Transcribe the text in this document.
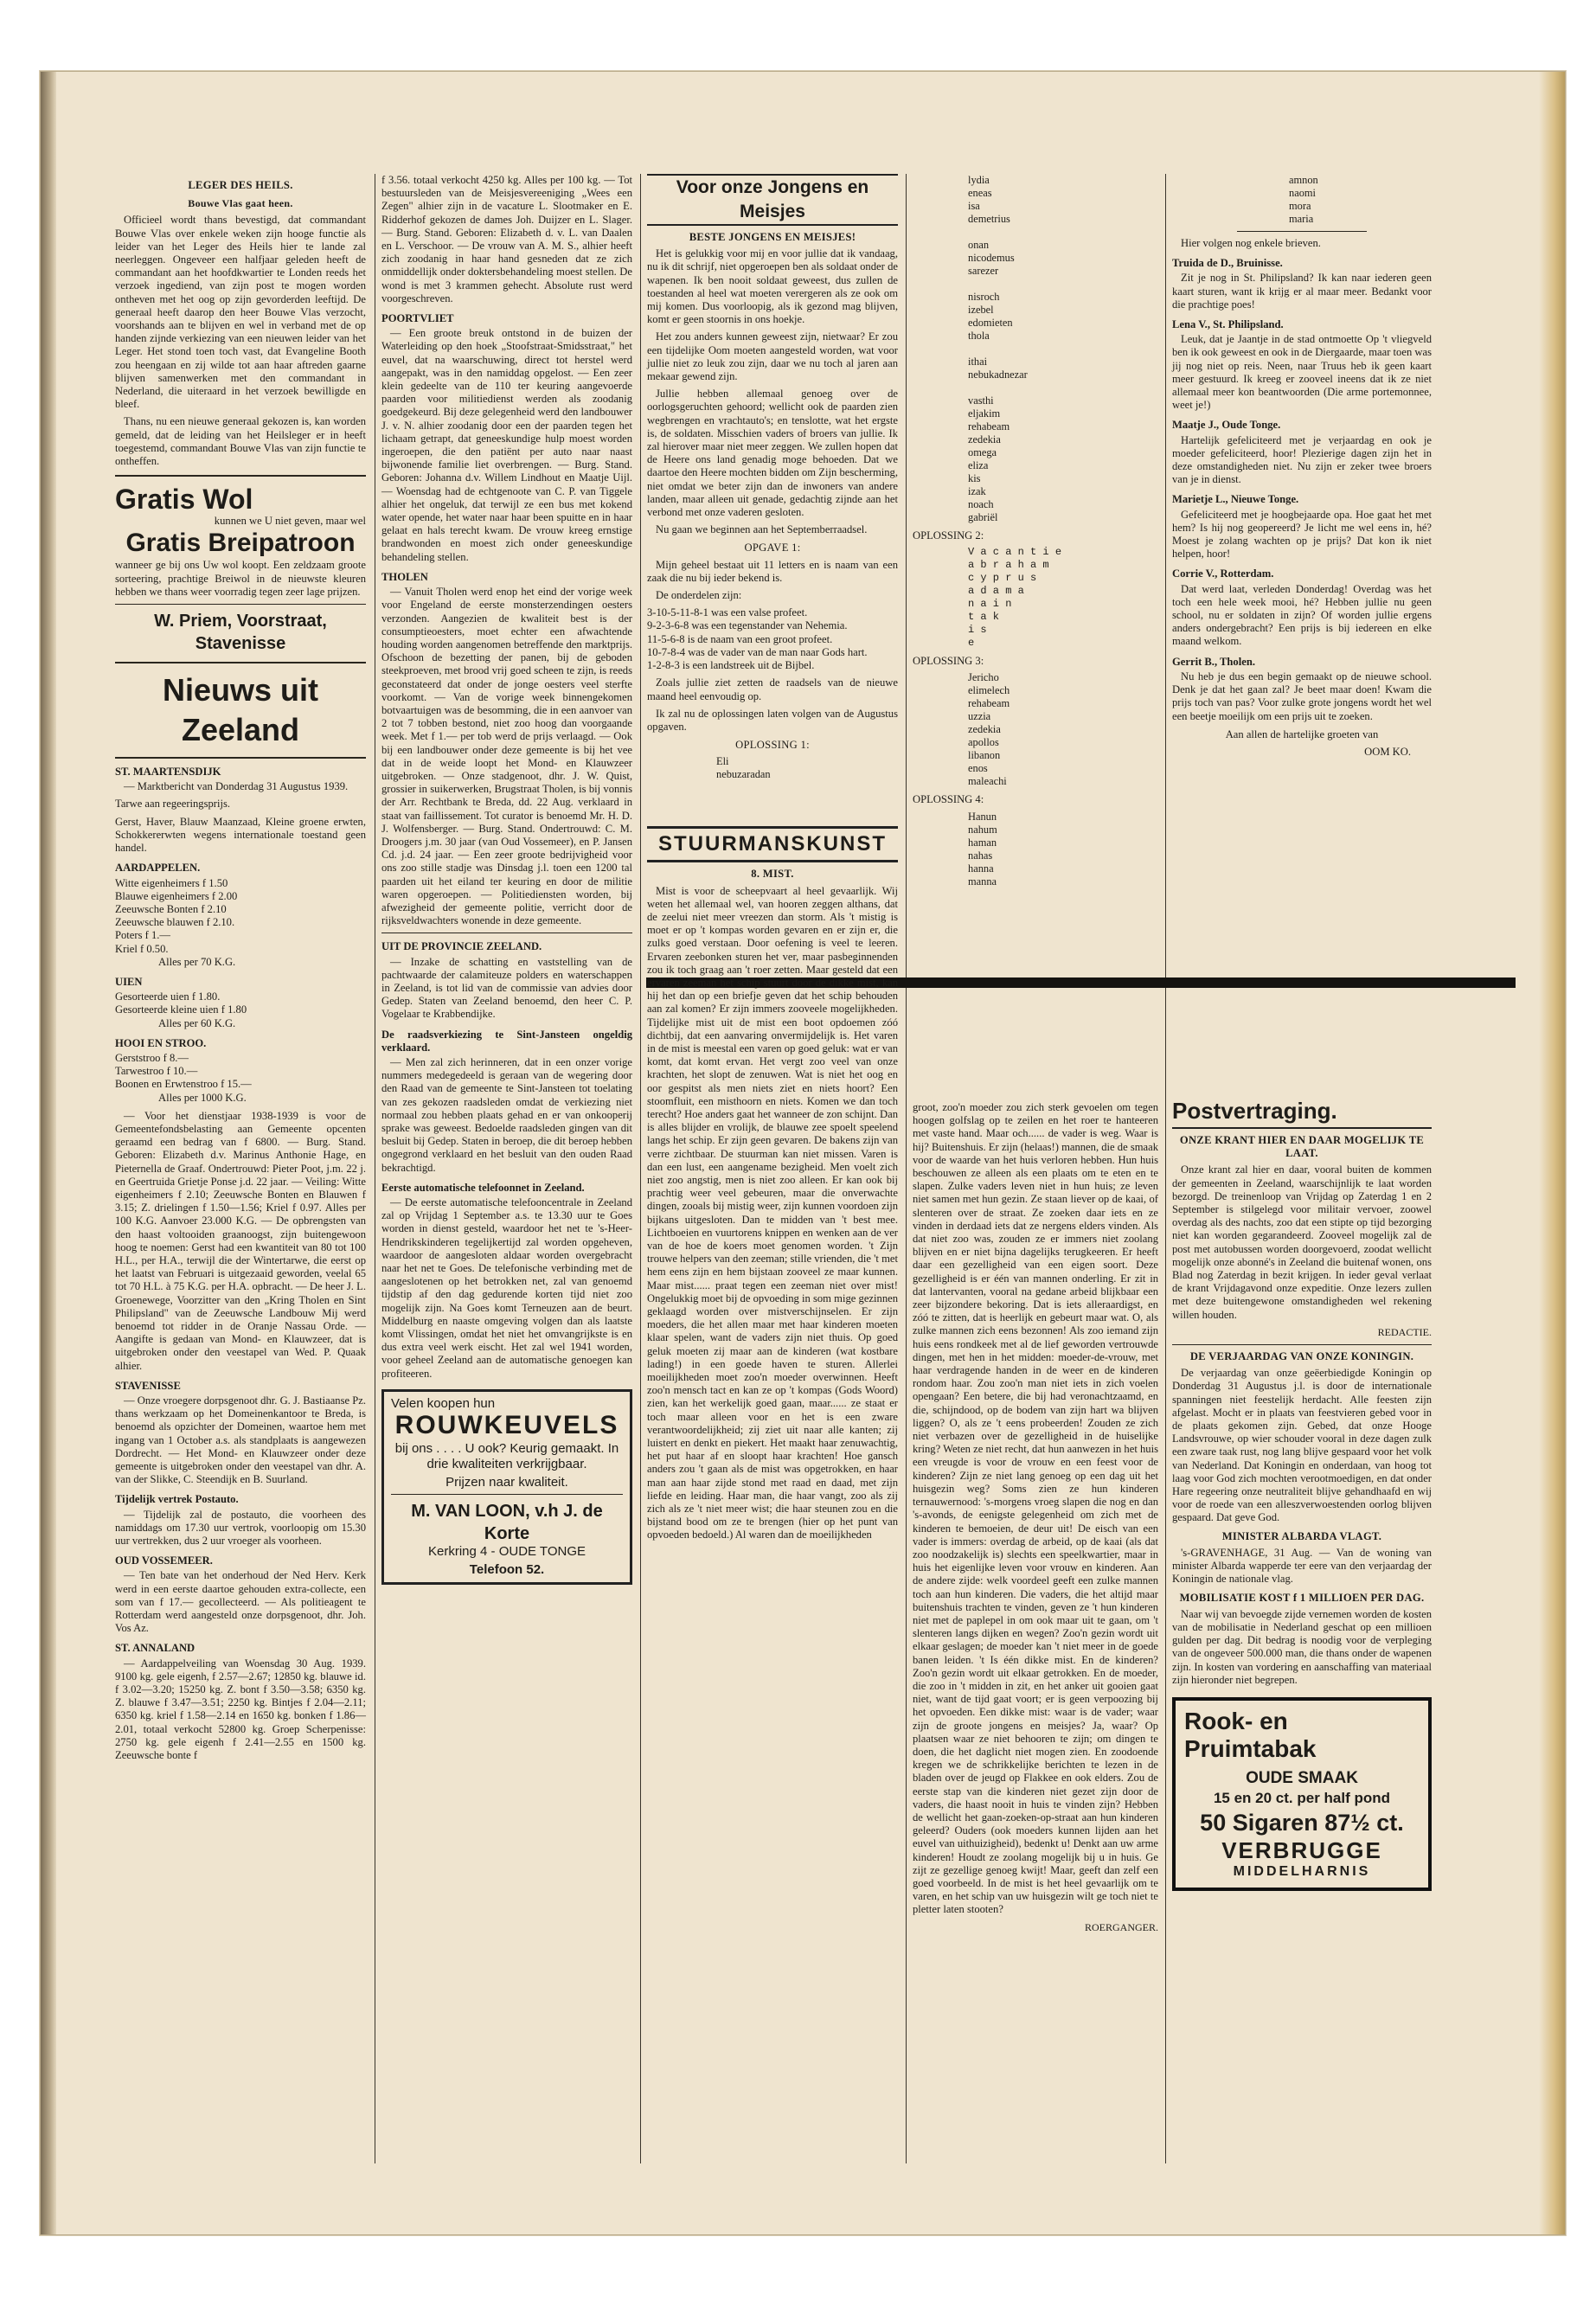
LEGER DES HEILS.
Bouwe Vlas gaat heen.

Officieel wordt thans bevestigd, dat commandant Bouwe Vlas over enkele weken zijn hooge functie als leider van het Leger des Heils hier te lande zal neerleggen. Ongeveer een halfjaar geleden heeft de commandant aan het hoofdkwartier te Londen reeds het verzoek ingediend, van zijn post te mogen worden ontheven met het oog op zijn gevorderden leeftijd. De generaal heeft daarop den heer Bouwe Vlas verzocht, voorshands aan te blijven en wel in verband met de op handen zijnde verkiezing van een nieuwen leider van het Leger. Het stond toen toch vast, dat Evangeline Booth zou heengaan en zij wilde tot aan haar aftreden gaarne blijven samenwerken met den commandant in Nederland, die uiteraard in het verzoek bewilligde en bleef.

Thans, nu een nieuwe generaal gekozen is, kan worden gemeld, dat de leiding van het Heilsleger er in heeft toegestemd, commandant Bouwe Vlas van zijn functie te ontheffen.

Gratis Wol
kunnen we U niet geven, maar wel
Gratis Breipatroon

wanneer ge bij ons Uw wol koopt. Een zeldzaam groote sorteering, prachtige Breiwol in de nieuwste kleuren hebben we thans weer voorradig tegen zeer lage prijzen.

W. Priem, Voorstraat, Stavenisse
Nieuws uit Zeeland
ST. MAARTENSDIJK

— Marktbericht van Donderdag 31 Augustus 1939.

Tarwe aan regeeringsprijs.

Gerst, Haver, Blauw Maanzaad, Kleine groene erwten, Schokkererwten wegens internationale toestand geen handel.

AARDAPPELEN.
Witte eigenheimers f 1.50
Blauwe eigenheimers f 2.00
Zeeuwsche Bonten f 2.10
Zeeuwsche blauwen f 2.10.
Poters f 1.—
Kriel f 0.50.
Alles per 70 K.G.
UIEN
Gesorteerde uien f 1.80.
Gesorteerde kleine uien f 1.80
Alles per 60 K.G.
HOOI EN STROO.
Gerststroo f 8.—
Tarwestroo f 10.—
Boonen en Erwtenstroo f 15.—
Alles per 1000 K.G.

— Voor het dienstjaar 1938-1939 is voor de Gemeentefondsbelasting aan Gemeente opcenten geraamd een bedrag van f 6800. — Burg. Stand. Geboren: Elizabeth d.v. Marinus Anthonie Hage, en Pieternella de Graaf. Ondertrouwd: Pieter Poot, j.m. 22 j. en Geertruida Grietje Ponse j.d. 22 jaar. — Veiling: Witte eigenheimers f 2.10; Zeeuwsche Bonten en Blauwen f 3.15; Z. drielingen f 1.50—1.56; Kriel f 0.97. Alles per 100 K.G. Aanvoer 23.000 K.G. — De opbrengsten van den haast voltooiden graanoogst, zijn buitengewoon hoog te noemen: Gerst had een kwantiteit van 80 tot 100 H.L., per H.A., terwijl die der Wintertarwe, die eerst op het laatst van Februari is uitgezaaid geworden, veelal 65 tot 70 H.L. à 75 K.G. per H.A. opbracht. — De heer J. L. Groenewege, Voorzitter van den „Kring Tholen en Sint Philipsland" van de Zeeuwsche Landbouw Mij werd benoemd tot ridder in de Oranje Nassau Orde. — Aangifte is gedaan van Mond- en Klauwzeer, dat is uitgebroken onder den veestapel van Wed. P. Quaak alhier.

STAVENISSE

— Onze vroegere dorpsgenoot dhr. G. J. Bastiaanse Pz. thans werkzaam op het Domeinenkantoor te Breda, is benoemd als opzichter der Domeinen, waartoe hem met ingang van 1 October a.s. als standplaats is aangewezen Dordrecht. — Het Mond- en Klauwzeer onder deze gemeente is uitgebroken onder den veestapel van dhr. A. van der Slikke, C. Steendijk en B. Suurland.

Tijdelijk vertrek Postauto.

— Tijdelijk zal de postauto, die voorheen des namiddags om 17.30 uur vertrok, voorloopig om 15.30 uur vertrekken, dus 2 uur vroeger als voorheen.

OUD VOSSEMEER.

— Ten bate van het onderhoud der Ned Herv. Kerk werd in een eerste daartoe gehouden extra-collecte, een som van f 17.— gecollecteerd. — Als politieagent te Rotterdam werd aangesteld onze dorpsgenoot, dhr. Joh. Vos Az.

ST. ANNALAND

— Aardappelveiling van Woensdag 30 Aug. 1939. 9100 kg. gele eigenh, f 2.57—2.67; 12850 kg. blauwe id. f 3.02—3.20; 15250 kg. Z. bont f 3.50—3.58; 6350 kg. Z. blauwe f 3.47—3.51; 2250 kg. Bintjes f 2.04—2.11; 6350 kg. kriel f 1.58—2.14 en 1650 kg. bonken f 1.86—2.01, totaal verkocht 52800 kg. Groep Scherpenisse: 2750 kg. gele eigenh f 2.41—2.55 en 1500 kg. Zeeuwsche bonte f

f 3.56. totaal verkocht 4250 kg. Alles per 100 kg. — Tot bestuursleden van de Meisjesvereeniging „Wees een Zegen" alhier zijn in de vacature L. Slootmaker en E. Ridderhof gekozen de dames Joh. Duijzer en L. Slager. — Burg. Stand. Geboren: Elizabeth d. v. L. van Daalen en L. Verschoor. — De vrouw van A. M. S., alhier heeft zich zoodanig in haar hand gesneden dat ze zich onmiddellijk onder doktersbehandeling moest stellen. De wond is met 3 krammen gehecht. Absolute rust werd voorgeschreven.

POORTVLIET

— Een groote breuk ontstond in de buizen der Waterleiding op den hoek „Stoofstraat-Smidsstraat," het euvel, dat na waarschuwing, direct tot herstel werd aangepakt, was in den namiddag opgelost. — Een zeer klein gedeelte van de 110 ter keuring aangevoerde paarden voor militiedienst werden als zoodanig goedgekeurd. Bij deze gelegenheid werd den landbouwer J. v. N. alhier zoodanig door een der paarden tegen het lichaam getrapt, dat geneeskundige hulp moest worden ingeroepen, die den patiënt per auto naar naast bijwonende familie liet overbrengen. — Burg. Stand. Geboren: Johanna d.v. Willem Lindhout en Maatje Uijl. — Woensdag had de echtgenoote van C. P. van Tiggele alhier het ongeluk, dat terwijl ze een bus met kokend water opende, het water naar haar been spuitte en in haar gelaat en hals terecht kwam. De vrouw kreeg ernstige brandwonden en moest zich onder geneeskundige behandeling stellen.

THOLEN

— Vanuit Tholen werd enop het eind der vorige week voor Engeland de eerste monsterzendingen oesters verzonden. Aangezien de kwaliteit best is der consumptieoesters, moet echter een afwachtende houding worden aangenomen betreffende den marktprijs. Ofschoon de bezetting der panen, bij de geboden steekproeven, met brood vrij goed scheen te zijn, is reeds geconstateerd dat onder de jonge oesters veel sterfte voorkomt. — Van de vorige week binnengekomen botvaartuigen was de besomming, die in een aanvoer van 2 tot 7 tobben bestond, niet zoo hoog dan voorgaande week. Met f 1.— per tob werd de prijs verlaagd. — Ook bij een landbouwer onder deze gemeente is bij het vee dat in de weide loopt het Mond- en Klauwzeer uitgebroken. — Onze stadgenoot, dhr. J. W. Quist, grossier in suikerwerken, Brugstraat Tholen, is bij vonnis der Arr. Rechtbank te Breda, dd. 22 Aug. verklaard in staat van faillissement. Tot curator is benoemd Mr. H. D. J. Wolfensberger. — Burg. Stand. Ondertrouwd: C. M. Droogers j.m. 30 jaar (van Oud Vossemeer), en P. Jansen Cd. j.d. 24 jaar. — Een zeer groote bedrijvigheid voor ons zoo stille stadje was Dinsdag j.l. toen een 1200 tal paarden uit het eiland ter keuring en door de militie waren opgeroepen. — Politiediensten worden, bij afwezigheid der gemeente politie, verricht door de rijksveldwachters wonende in deze gemeente.

UIT DE PROVINCIE ZEELAND.

— Inzake de schatting en vaststelling van de pachtwaarde der calamiteuze polders en waterschappen in Zeeland, is tot lid van de commissie van advies door Gedep. Staten van Zeeland benoemd, den heer C. P. Vogelaar te Krabbendijke.

De raadsverkiezing te Sint-Jansteen ongeldig verklaard.

— Men zal zich herinneren, dat in een onzer vorige nummers medegedeeld is geraan van de wegering door den Raad van de gemeente te Sint-Jansteen tot toelating van zes gekozen raadsleden omdat de verkiezing niet normaal zou hebben plaats gehad en er van onkooperij sprake was geweest. Bedoelde raadsleden gingen van dit besluit bij Gedep. Staten in beroep, die dit beroep hebben ongegrond verklaard en het besluit van den ouden Raad bekrachtigd.

Eerste automatische telefoonnet in Zeeland.

— De eerste automatische telefooncentrale in Zeeland zal op Vrijdag 1 September a.s. te 13.30 uur te Goes worden in dienst gesteld, waardoor het net te 's-Heer-Hendrikskinderen tegelijkertijd zal worden opgeheven, waardoor de aangesloten aldaar worden overgebracht naar het net te Goes. De telefonische verbinding met de aangeslotenen op het betrokken net, zal van genoemd tijdstip af den dag gedurende korten tijd niet zoo mogelijk zijn. Na Goes komt Terneuzen aan de beurt. Middelburg en naaste omgeving volgen dan als laatste komt Vlissingen, omdat het niet het omvangrijkste is en dus extra veel werk eischt. Het zal wel 1941 worden, voor geheel Zeeland aan de automatische genoegen kan profiteeren.

Velen koopen hun
ROUWKEUVELS
bij ons . . . . U ook? Keurig gemaakt. In drie kwaliteiten verkrijgbaar.
Prijzen naar kwaliteit.
M. VAN LOON, v.h J. de Korte
Kerkring 4 - OUDE TONGE
Telefoon 52.
Voor onze Jongens en Meisjes
BESTE JONGENS EN MEISJES!

Het is gelukkig voor mij en voor jullie dat ik vandaag, nu ik dit schrijf, niet opgeroepen ben als soldaat onder de wapenen. Ik ben nooit soldaat geweest, dus zullen de toestanden al heel wat moeten verergeren als ze ook om mij komen. Dus voorloopig, als ik gezond mag blijven, komt er geen stoornis in ons hoekje.

Het zou anders kunnen geweest zijn, nietwaar? Er zou een tijdelijke Oom moeten aangesteld worden, wat voor jullie niet zo leuk zou zijn, daar we nu toch al jaren aan mekaar gewend zijn.

Jullie hebben allemaal genoeg over de oorlogsgeruchten gehoord; wellicht ook de paarden zien wegbrengen en vrachtauto's; en tenslotte, wat het ergste is, de soldaten. Misschien vaders of broers van jullie. Ik zal hierover maar niet meer zeggen. We zullen hopen dat de Heere ons land genadig moge behoeden. Dat we daartoe den Heere mochten bidden om Zijn bescherming, niet omdat we beter zijn dan de inwoners van andere landen, maar alleen uit genade, gedachtig zijnde aan het verbond met onze vaderen gesloten.

Nu gaan we beginnen aan het Septemberraadsel.

OPGAVE 1:

Mijn geheel bestaat uit 11 letters en is naam van een zaak die nu bij ieder bekend is.

De onderdelen zijn:

3-10-5-11-8-1 was een valse profeet.
9-2-3-6-8 was een tegenstander van Nehemia.
11-5-6-8 is de naam van een groot profeet.
10-7-8-4 was de vader van de man naar Gods hart.
1-2-8-3 is een landstreek uit de Bijbel.

Zoals jullie ziet zetten de raadsels van de nieuwe maand heel eenvoudig op.

Ik zal nu de oplossingen laten volgen van de Augustus opgaven.

OPLOSSING 1:
Eli
nebuzaradan
STUURMANSKUNST
8. MIST.

Mist is voor de scheepvaart al heel gevaarlijk. Wij weten het allemaal wel, van hooren zeggen althans, dat de zeelui niet meer vreezen dan storm. Als 't mistig is moet er op 't kompas worden gevaren en er zijn er, die zulks goed verstaan. Door oefening is veel te leeren. Ervaren zeebonken sturen het ver, maar pasbeginnenden zou ik toch graag aan 't roer zetten. Maar gesteld dat een ervaren zeeman het schip stuurt door de dikke mist, kan hij het dan op een briefje geven dat het schip behouden aan zal komen? Er zijn immers zooveele mogelijkheden. Tijdelijke mist uit de mist een boot opdoemen zóó dichtbij, dat een aanvaring onvermijdelijk is. Het varen in de mist is meestal een varen op goed geluk: wat er van komt, dat komt ervan. Het vergt zoo veel van onze krachten, het slopt de zenuwen. Wat is niet het oog en oor gespitst als men niets ziet en niets hoort? Een stoomfluit, een misthoorn en niets. Komen we dan toch terecht? Hoe anders gaat het wanneer de zon schijnt. Dan is alles blijder en vrolijk, de blauwe zee spoelt speelend langs het schip. Er zijn geen gevaren. De bakens zijn van verre zichtbaar. De stuurman kan niet missen. Varen is dan een lust, een aangename bezigheid. Men voelt zich niet zoo angstig, men is niet zoo alleen. Er kan ook bij prachtig weer veel gebeuren, maar die onverwachte dingen, zooals bij mistig weer, zijn kunnen voordoen zijn bijkans uitgesloten. Dan te midden van 't best mee. Lichtboeien en vuurtorens knippen en wenken aan de ver van de hoe de koers moet genomen worden. 't Zijn trouwe helpers van den zeeman; stille vrienden, die 't met hem eens zijn en hem bijstaan zooveel ze maar kunnen. Maar mist...... praat tegen een zeeman niet over mist! Ongelukkig moet bij de opvoeding in som mige gezinnen geklaagd worden over mistverschijnselen. Er zijn moeders, die het allen maar met haar kinderen moeten klaar spelen, want de vaders zijn niet thuis. Op goed geluk moeten zij maar aan de kinderen (wat kostbare lading!) in een goede haven te sturen. Allerlei moeilijkheden moet zoo'n moeder overwinnen. Heeft zoo'n mensch tact en kan ze op 't kompas (Gods Woord) zien, kan het werkelijk goed gaan, maar...... ze staat er toch maar alleen voor en het is een zware verantwoordelijkheid; zij ziet uit naar alle kanten; zij luistert en denkt en piekert. Het maakt haar zenuwachtig, het put haar af en sloopt haar krachten! Hoe gansch anders zou 't gaan als de mist was opgetrokken, en haar man aan haar zijde stond met raad en daad, met zijn liefde en leiding. Haar man, die haar vangt, zoo als zij zich als ze 't niet meer wist; die haar steunen zou en die bijstand bood om ze te brengen (hier op het punt van opvoeden bedoeld.) Al waren dan de moeilijkheden

lydia
eneas
isa
demetrius
onan
nicodemus
sarezer
nisroch
izebel
edomieten
thola
ithai
nebukadnezar
vasthi
eljakim
rehabeam
zedekia
omega
eliza
kis
izak
noach
gabriël
OPLOSSING 2:
V a c a n t i e
a b r a h a m
c y p r u s
a d a m a
n a i n
t a k
i s
e
OPLOSSING 3:
Jericho
elimelech
rehabeam
uzzia
zedekia
apollos
libanon
enos
maleachi
OPLOSSING 4:
Hanun
nahum
haman
nahas
hanna
manna

groot, zoo'n moeder zou zich sterk gevoelen om tegen hoogen golfslag op te zeilen en het roer te hanteeren met vaste hand. Maar och...... de vader is weg. Waar is hij? Buitenshuis. Er zijn (helaas!) mannen, die de smaak voor de waarde van het huis verloren hebben. Hun huis beschouwen ze alleen als een plaats om te eten en te slapen. Zulke vaders leven niet in hun huis; ze leven niet samen met hun gezin. Ze staan liever op de kaai, of slenteren over de straat. Ze zoeken daar iets en ze vinden in derdaad iets dat ze nergens elders vinden. Als dat niet zoo was, zouden ze er immers niet zoolang blijven en er niet bijna dagelijks terugkeeren. Er heeft daar een gezelligheid van een eigen soort. Deze gezelligheid is er één van mannen onderling. Er zit in dat lantervanten, vooral na gedane arbeid blijkbaar een zeer bijzondere bekoring. Dat is iets alleraardigst, en zóó te zitten, dat is heerlijk en gebeurt maar wat. O, als zulke mannen zich eens bezonnen! Als zoo iemand zijn huis eens rondkeek met al de lief geworden vertrouwde dingen, met hen in het midden: moeder-de-vrouw, met haar verdragende handen in de weer en de kinderen rondom haar. Zou zoo'n man niet iets in zich voelen opengaan? Een betere, die bij had veronachtzaamd, en die, schijndood, op de bodem van zijn hart wa blijven liggen? O, als ze 't eens probeerden! Zouden ze zich niet verbazen over de gezelligheid in de huiselijke kring? Weten ze niet recht, dat hun aanwezen in het huis een vreugde is voor de vrouw en een feest voor de kinderen? Zijn ze niet lang genoeg op een dag uit het huisgezin weg? Soms zien ze hun kinderen ternauwernood: 's-morgens vroeg slapen die nog en dan 's-avonds, de eenigste gelegenheid om zich met de kinderen te bemoeien, de deur uit! De eisch van een vader is immers: overdag de arbeid, op de kaai (als dat zoo noodzakelijk is) slechts een speelkwartier, maar in huis het eigenlijke leven voor vrouw en kinderen. Aan de andere zijde: welk voordeel geeft een zulke mannen toch aan hun kinderen. Die vaders, die het altijd maar buitenshuis trachten te vinden, geven ze 't hun kinderen niet met de paplepel in om ook maar uit te gaan, om 't slenteren langs dijken en wegen? Zoo'n gezin wordt uit elkaar geslagen; de moeder kan 't niet meer in de goede banen leiden. 't Is één dikke mist. En de kinderen? Zoo'n gezin wordt uit elkaar getrokken. En de moeder, die zoo in 't midden in zit, en het anker uit gooien gaat niet, want de tijd gaat voort; er is geen verpoozing bij het opvoeden. Een dikke mist: waar is de vader; waar zijn de groote jongens en meisjes? Ja, waar? Op plaatsen waar ze niet behooren te zijn; om dingen te doen, die het daglicht niet mogen zien. En zoodoende kregen we de schrikkelijke berichten te lezen in de bladen over de jeugd op Flakkee en ook elders. Zou de eerste stap van die kinderen niet gezet zijn door de vaders, die haast nooit in huis te vinden zijn? Hebben de wellicht het gaan-zoeken-op-straat aan hun kinderen geleerd? Ouders (ook moeders kunnen lijden aan het euvel van uithuizigheid), bedenkt u! Denkt aan uw arme kinderen! Houdt ze zoolang mogelijk bij u in huis. Ge zijt ze gezellige genoeg kwijt! Maar, geeft dan zelf een goed voorbeeld. In de mist is het heel gevaarlijk om te varen, en het schip van uw huisgezin wilt ge toch niet te pletter laten stooten?

ROERGANGER.
amnon
naomi
mora
maria

Hier volgen nog enkele brieven.

Truida de D., Bruinisse.

Zit je nog in St. Philipsland? Ik kan naar iederen geen kaart sturen, want ik krijg er al maar meer. Bedankt voor die prachtige poes!

Lena V., St. Philipsland.

Leuk, dat je Jaantje in de stad ontmoette Op 't vliegveld ben ik ook geweest en ook in de Diergaarde, maar toen was jij nog niet op reis. Neen, naar Truus heb ik geen kaart meer gestuurd. Ik kreeg er zooveel ineens dat ik ze niet allemaal meer kon beantwoorden (Die arme portemonnee, weet je!)

Maatje J., Oude Tonge.

Hartelijk gefeliciteerd met je verjaardag en ook je moeder gefeliciteerd, hoor! Plezierige dagen zijn het in deze omstandigheden niet. Nu zijn er zeker twee broers van je in dienst.

Marietje L., Nieuwe Tonge.

Gefeliciteerd met je hoogbejaarde opa. Hoe gaat het met hem? Is hij nog geopereerd? Je licht me wel eens in, hé? Moest je zolang wachten op je prijs? Dat kon ik niet helpen, hoor!

Corrie V., Rotterdam.

Dat werd laat, verleden Donderdag! Overdag was het toch een hele week mooi, hé? Hebben jullie nu geen school, nu er soldaten in zijn? Of worden jullie ergens anders ondergebracht? Een prijs is bij iedereen en elke maand welkom.

Gerrit B., Tholen.

Nu heb je dus een begin gemaakt op de nieuwe school. Denk je dat het gaan zal? Je beet maar doen! Kwam die prijs toch van pas? Voor zulke grote jongens wordt het wel een beetje moeilijk om een prijs uit te zoeken.

Aan allen de hartelijke groeten van

OOM KO.
Postvertraging.
ONZE KRANT HIER EN DAAR MOGELIJK TE LAAT.

Onze krant zal hier en daar, vooral buiten de kommen der gemeenten in Zeeland, waarschijnlijk te laat worden bezorgd. De treinenloop van Vrijdag op Zaterdag 1 en 2 September is stilgelegd voor militair vervoer, zoowel overdag als des nachts, zoo dat een stipte op tijd bezorging niet kan worden gegarandeerd. Zooveel mogelijk zal de post met autobussen worden doorgevoerd, zoodat wellicht mogelijk onze abonné's in Zeeland die buitenaf wonen, ons Blad nog Zaterdag in bezit krijgen. In ieder geval verlaat de krant Vrijdagavond onze expeditie. Onze lezers zullen met deze buitengewone omstandigheden wel rekening willen houden.

REDACTIE.
DE VERJAARDAG VAN ONZE KONINGIN.

De verjaardag van onze geëerbiedigde Koningin op Donderdag 31 Augustus j.l. is door de internationale spanningen niet feestelijk herdacht. Alle feesten zijn afgelast. Mocht er in plaats van feestvieren gebed voor in de plaats gekomen zijn. Gebed, dat onze Hooge Landsvrouwe, op wier schouder vooral in deze dagen zulk een zware taak rust, nog lang blijve gespaard voor het volk van Nederland. Dat Koningin en onderdaan, van hoog tot laag voor God zich mochten verootmoedigen, en dat onder Hare regeering onze neutraliteit blijve gehandhaafd en wij voor de roede van een alleszverwoestenden oorlog blijven gespaard. Dat geve God.

MINISTER ALBARDA VLAGT.

's-GRAVENHAGE, 31 Aug. — Van de woning van minister Albarda wapperde ter eere van den verjaardag der Koningin de nationale vlag.

MOBILISATIE KOST f 1 MILLIOEN PER DAG.

Naar wij van bevoegde zijde vernemen worden de kosten van de mobilisatie in Nederland geschat op een millioen gulden per dag. Dit bedrag is noodig voor de verpleging van de ongeveer 500.000 man, die thans onder de wapenen zijn. In kosten van vordering en aanschaffing van materiaal zijn hieronder niet begrepen.

Rook- en
Pruimtabak
OUDE SMAAK
15 en 20 ct. per half pond
50 Sigaren 87½ ct.
VERBRUGGE
MIDDELHARNIS
